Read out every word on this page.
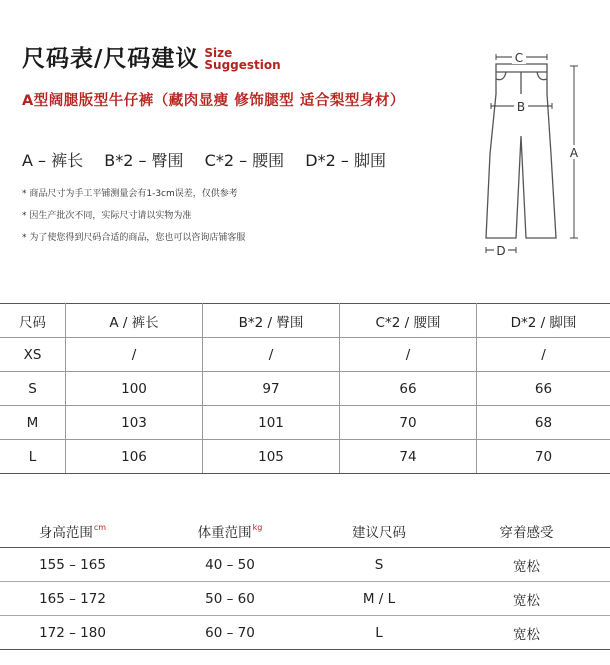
尺码表/尺码建议 Size
Suggestion
A型阔腿版型牛仔裤（藏肉显瘦 修饰腿型 适合梨型身材）
A – 裤长 B*2 – 臀围 C*2 – 腰围 D*2 – 脚围
* 商品尺寸为手工平铺测量会有1-3cm误差，仅供参考
* 因生产批次不同，实际尺寸请以实物为准
* 为了使您得到尺码合适的商品，您也可以咨询店铺客服
C
B
A
D
尺码	A / 裤长	B*2 / 臀围	C*2 / 腰围	D*2 / 脚围
XS	/	/	/	/
S	100	97	66	66
M	103	101	70	68
L	106	105	74	70
身高范围$^{cm}$	体重范围$^{kg}$	建议尺码	穿着感受
155 – 165	40 – 50	S	宽松
165 – 172	50 – 60	M / L	宽松
172 – 180	60 – 70	L	宽松
